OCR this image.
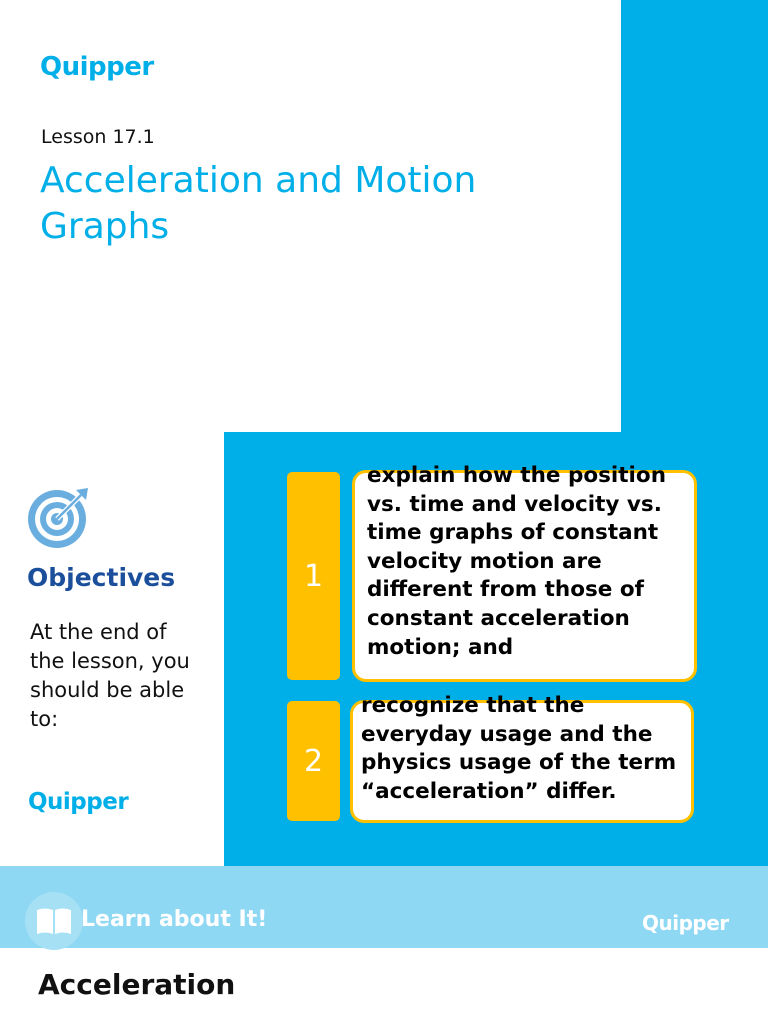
Quipper
Lesson 17.1
Acceleration and Motion Graphs
Objectives
At the end of the lesson, you should be able to:
Quipper
1
explain how the position vs. time and velocity vs. time graphs of constant velocity motion are different from those of constant acceleration motion; and
2
recognize that the everyday usage and the physics usage of the term “acceleration” differ.
Learn about It!	Quipper
Acceleration
